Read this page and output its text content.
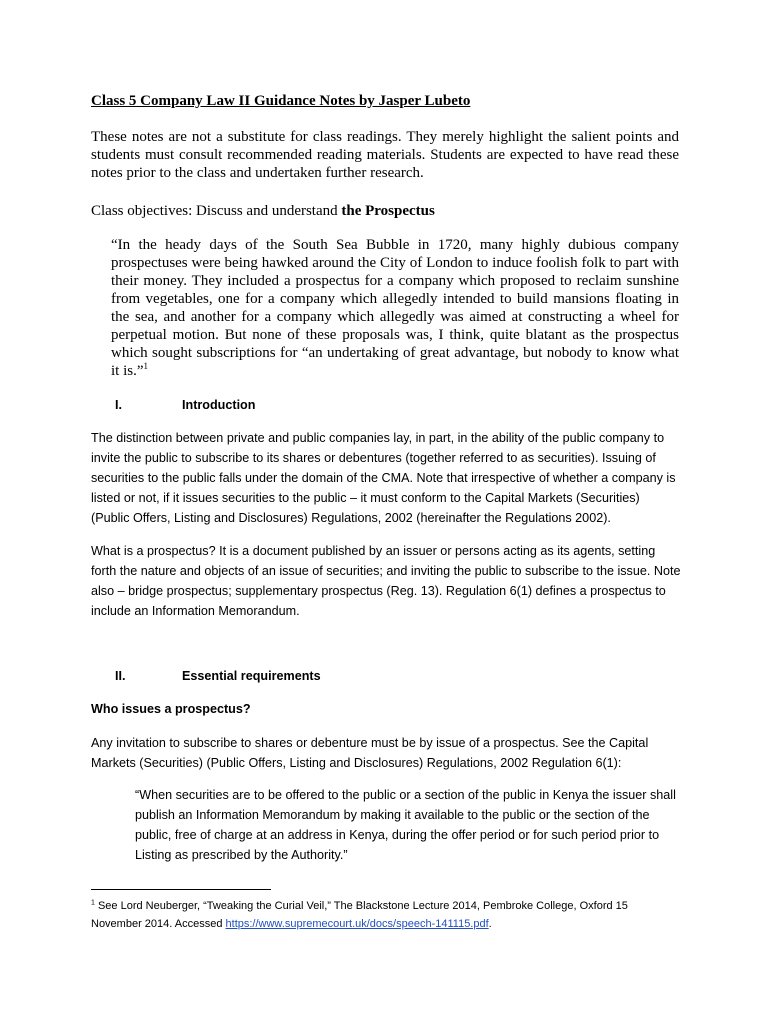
Class 5 Company Law II Guidance Notes by Jasper Lubeto
These notes are not a substitute for class readings. They merely highlight the salient points and students must consult recommended reading materials. Students are expected to have read these notes prior to the class and undertaken further research.
Class objectives: Discuss and understand the Prospectus
“In the heady days of the South Sea Bubble in 1720, many highly dubious company prospectuses were being hawked around the City of London to induce foolish folk to part with their money. They included a prospectus for a company which proposed to reclaim sunshine from vegetables, one for a company which allegedly intended to build mansions floating in the sea, and another for a company which allegedly was aimed at constructing a wheel for perpetual motion. But none of these proposals was, I think, quite blatant as the prospectus which sought subscriptions for “an undertaking of great advantage, but nobody to know what it is.”$^1$
I.	Introduction
The distinction between private and public companies lay, in part, in the ability of the public company to invite the public to subscribe to its shares or debentures (together referred to as securities). Issuing of securities to the public falls under the domain of the CMA. Note that irrespective of whether a company is listed or not, if it issues securities to the public – it must conform to the Capital Markets (Securities) (Public Offers, Listing and Disclosures) Regulations, 2002 (hereinafter the Regulations 2002).
What is a prospectus? It is a document published by an issuer or persons acting as its agents, setting forth the nature and objects of an issue of securities; and inviting the public to subscribe to the issue. Note also – bridge prospectus; supplementary prospectus (Reg. 13). Regulation 6(1) defines a prospectus to include an Information Memorandum.
II.	Essential requirements
Who issues a prospectus?
Any invitation to subscribe to shares or debenture must be by issue of a prospectus. See the Capital Markets (Securities) (Public Offers, Listing and Disclosures) Regulations, 2002 Regulation 6(1):
“When securities are to be offered to the public or a section of the public in Kenya the issuer shall publish an Information Memorandum by making it available to the public or the section of the public, free of charge at an address in Kenya, during the offer period or for such period prior to Listing as prescribed by the Authority.”
$^1$ See Lord Neuberger, “Tweaking the Curial Veil,” The Blackstone Lecture 2014, Pembroke College, Oxford 15 November 2014. Accessed https://www.supremecourt.uk/docs/speech-141115.pdf.
